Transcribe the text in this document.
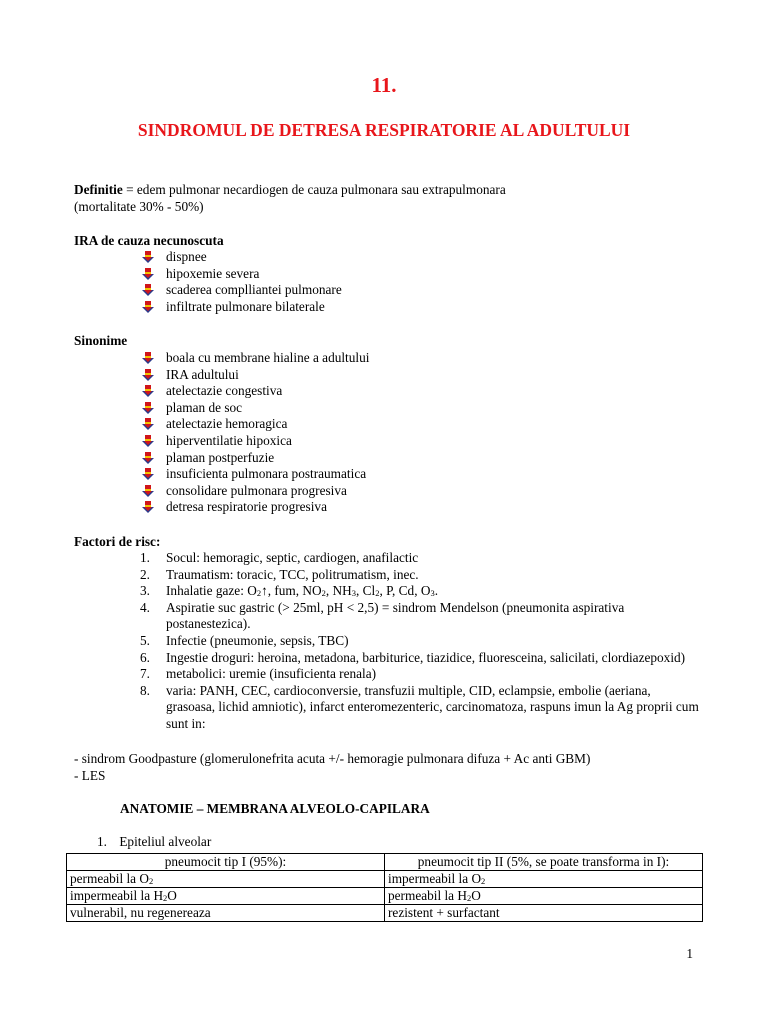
11.
SINDROMUL DE DETRESA RESPIRATORIE AL ADULTULUI
Definitie = edem pulmonar necardiogen de cauza pulmonara sau extrapulmonara
(mortalitate 30% - 50%)
IRA de cauza necunoscuta
dispnee
hipoxemie severa
scaderea complliantei pulmonare
infiltrate pulmonare bilaterale
Sinonime
boala cu membrane hialine a adultului
IRA adultului
atelectazie congestiva
plaman de soc
atelectazie hemoragica
hiperventilatie hipoxica
plaman postperfuzie
insuficienta pulmonara postraumatica
consolidare pulmonara progresiva
detresa respiratorie progresiva
Factori de risc:
1. Socul: hemoragic, septic, cardiogen, anafilactic
2. Traumatism: toracic, TCC, politrumatism, inec.
3. Inhalatie gaze: $O_2↑$, fum, $NO_2$, $NH_3$, $Cl_2$, P, Cd, $O_3$.
4. Aspiratie suc gastric (> 25ml, pH < 2,5) = sindrom Mendelson (pneumonita aspirativa postanestezica).
5. Infectie (pneumonie, sepsis, TBC)
6. Ingestie droguri: heroina, metadona, barbiturice, tiazidice, fluoresceina, salicilati, clordiazepoxid)
7. metabolici: uremie (insuficienta renala)
8. varia: PANH, CEC, cardioconversie, transfuzii multiple, CID, eclampsie, embolie (aeriana, grasoasa, lichid amniotic), infarct enteromezenteric, carcinomatoza, raspuns imun la Ag proprii cum sunt in:
- sindrom Goodpasture (glomerulonefrita acuta +/- hemoragie pulmonara difuza + Ac anti GBM)
- LES
ANATOMIE – MEMBRANA ALVEOLO-CAPILARA
1. Epiteliul alveolar
pneumocit tip I (95%):	pneumocit tip II (5%, se poate transforma in I):
permeabil la $O_2$	impermeabil la $O_2$
impermeabil la $H_2O$	permeabil la $H_2O$
vulnerabil, nu regenereaza	rezistent + surfactant
1
